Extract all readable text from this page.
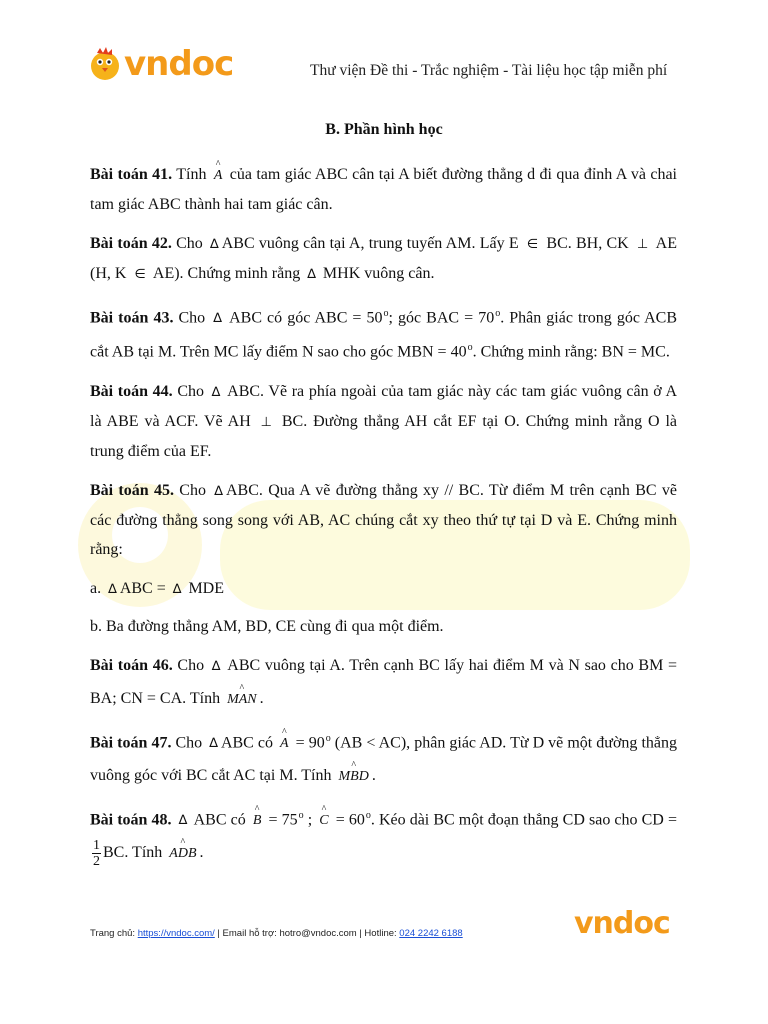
vndoc	Thư viện Đề thi - Trắc nghiệm - Tài liệu học tập miễn phí
B. Phần hình học

Bài toán 41. Tính
^
A của tam giác ABC cân tại A biết đường thẳng d đi qua đỉnh A và chai tam giác ABC thành hai tam giác cân.

Bài toán 42. Cho ∆ ABC vuông cân tại A, trung tuyến AM. Lấy E ∈ BC. BH, CK ⊥ AE (H, K ∈ AE). Chứng minh rằng ∆ MHK vuông cân.

Bài toán 43. Cho ∆ ABC có góc ABC = $50^o$; góc BAC = $70^o$. Phân giác trong góc ACB cắt AB tại M. Trên MC lấy điểm N sao cho góc MBN = $40^o$. Chứng minh rằng: BN = MC.

Bài toán 44. Cho ∆ ABC. Vẽ ra phía ngoài của tam giác này các tam giác vuông cân ở A là ABE và ACF. Vẽ AH ⊥ BC. Đường thẳng AH cắt EF tại O. Chứng minh rằng O là trung điểm của EF.

Bài toán 45. Cho ∆ ABC. Qua A vẽ đường thẳng xy // BC. Từ điểm M trên cạnh BC vẽ các đường thẳng song song với AB, AC chúng cắt xy theo thứ tự tại D và E. Chứng minh rằng:

a. ∆ ABC = ∆ MDE

b. Ba đường thẳng AM, BD, CE cùng đi qua một điểm.

Bài toán 46. Cho ∆ ABC vuông tại A. Trên cạnh BC lấy hai điểm M và N sao cho BM = BA; CN = CA. Tính
^
MAN .

Bài toán 47. Cho ∆ ABC có
^
$A = 90^o$ (AB < AC), phân giác AD. Từ D vẽ một đường thẳng vuông góc với BC cắt AC tại M. Tính
^
MBD .

Bài toán 48. ∆ ABC có
^
$B = 75^o$ ;
^
$C = 60^o$. Kéo dài BC một đoạn thẳng CD sao cho CD =
$\frac{1}{2}$ BC. Tính
^
ADB .

Trang chủ: https://vndoc.com/ | Email hỗ trợ: hotro@vndoc.com | Hotline: 024 2242 6188	vndoc
